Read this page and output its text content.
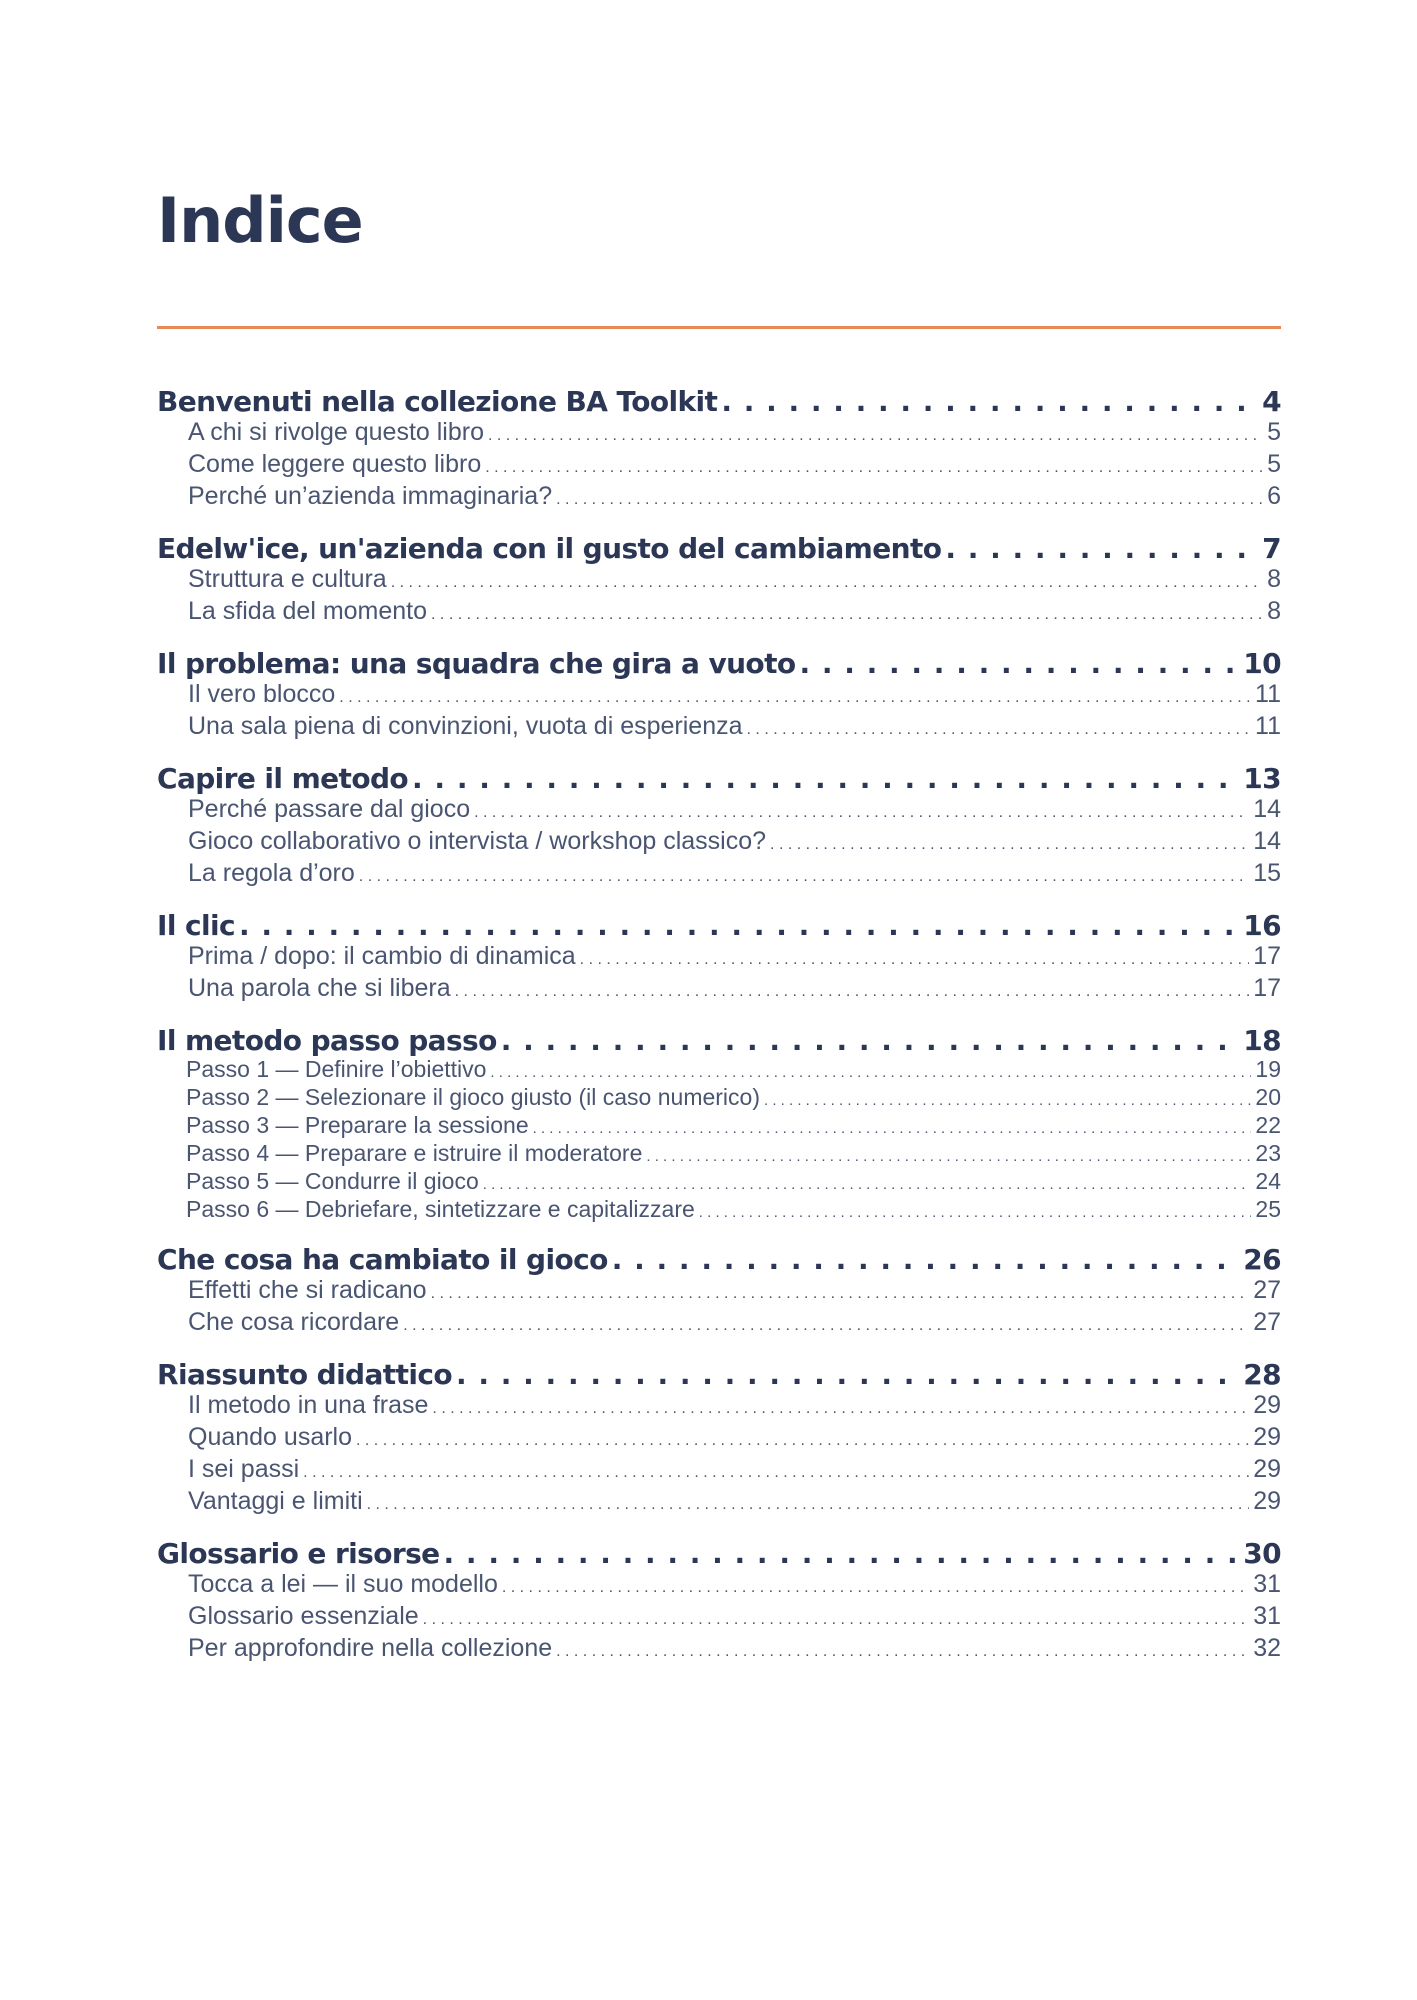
Indice
Benvenuti nella collezione BA Toolkit . . .	4
A chi si rivolge questo libro . . .	5
Come leggere questo libro . . .	5
Perché un’azienda immaginaria? . . .	6
Edelw'ice, un'azienda con il gusto del cambiamento . . .	7
Struttura e cultura . . .	8
La sfida del momento . . .	8
Il problema: una squadra che gira a vuoto . . .	10
Il vero blocco . . .	11
Una sala piena di convinzioni, vuota di esperienza . . .	11
Capire il metodo . . .	13
Perché passare dal gioco . . .	14
Gioco collaborativo o intervista / workshop classico? . . .	14
La regola d’oro . . .	15
Il clic . . .	16
Prima / dopo: il cambio di dinamica . . .	17
Una parola che si libera . . .	17
Il metodo passo passo . . .	18
Passo 1 — Definire l’obiettivo . . .	19
Passo 2 — Selezionare il gioco giusto (il caso numerico) . . .	20
Passo 3 — Preparare la sessione . . .	22
Passo 4 — Preparare e istruire il moderatore . . .	23
Passo 5 — Condurre il gioco . . .	24
Passo 6 — Debriefare, sintetizzare e capitalizzare . . .	25
Che cosa ha cambiato il gioco . . .	26
Effetti che si radicano . . .	27
Che cosa ricordare . . .	27
Riassunto didattico . . .	28
Il metodo in una frase . . .	29
Quando usarlo . . .	29
I sei passi . . .	29
Vantaggi e limiti . . .	29
Glossario e risorse . . .	30
Tocca a lei — il suo modello . . .	31
Glossario essenziale . . .	31
Per approfondire nella collezione . . .	32
